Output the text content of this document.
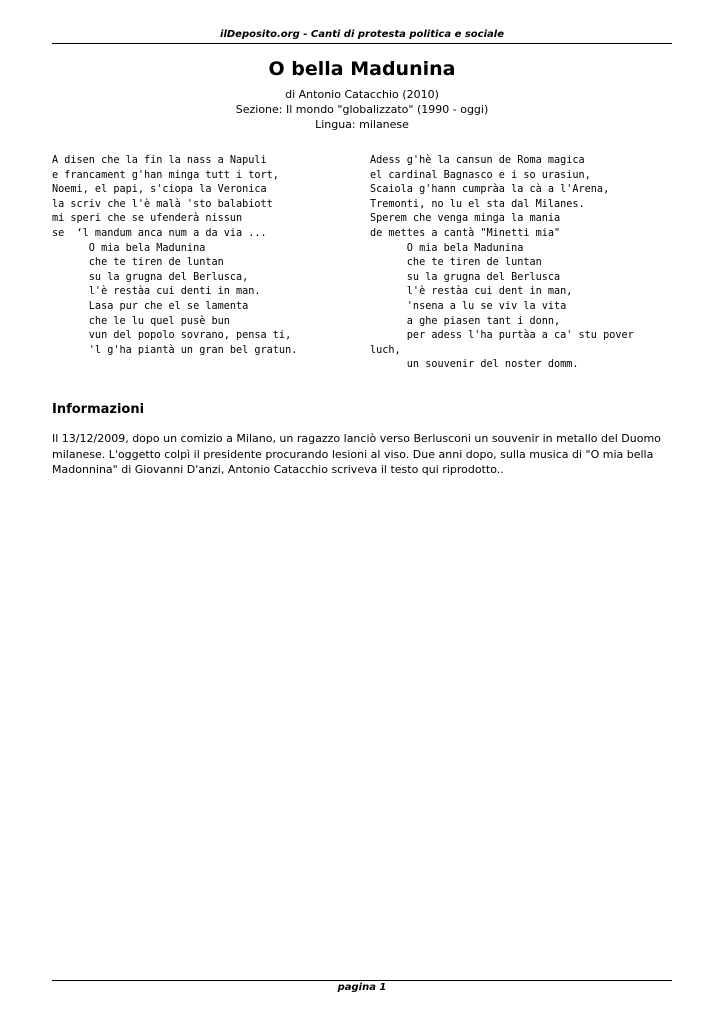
ilDeposito.org - Canti di protesta politica e sociale
O bella Madunina
di Antonio Catacchio (2010)
Sezione: Il mondo "globalizzato" (1990 - oggi)
Lingua: milanese
A disen che la fin la nass a Napuli
e francament g'han minga tutt i tort,
Noemi, el papi, s'ciopa la Veronica
la scriv che l'è malà 'sto balabiott
mi speri che se ufenderà nissun
se  ‘l mandum anca num a da via ...
O mia bela Madunina
che te tiren de luntan
su la grugna del Berlusca,
l'è restàa cui denti in man.
Lasa pur che el se lamenta
che le lu quel pusè bun
vun del popolo sovrano, pensa ti,
'l g'ha piantà un gran bel gratun.
Adess g'hè la cansun de Roma magica
el cardinal Bagnasco e i so urasiun,
Scaiola g'hann cumpràa la cà a l'Arena,
Tremonti, no lu el sta dal Milanes.
Sperem che venga minga la mania
de mettes a cantà "Minetti mia"
O mia bela Madunina
che te tiren de luntan
su la grugna del Berlusca
l'è restàa cui dent in man,
'nsena a lu se viv la vita
a ghe piasen tant i donn,
per adess l'ha purtàa a ca' stu pover
luch,
un souvenir del noster domm.
Informazioni
Il 13/12/2009, dopo un comizio a Milano, un ragazzo lanciò verso Berlusconi un souvenir in metallo del Duomo
milanese. L'oggetto colpì il presidente procurando lesioni al viso. Due anni dopo, sulla musica di "O mia bella
Madonnina" di Giovanni D'anzi, Antonio Catacchio scriveva il testo qui riprodotto..
pagina 1
